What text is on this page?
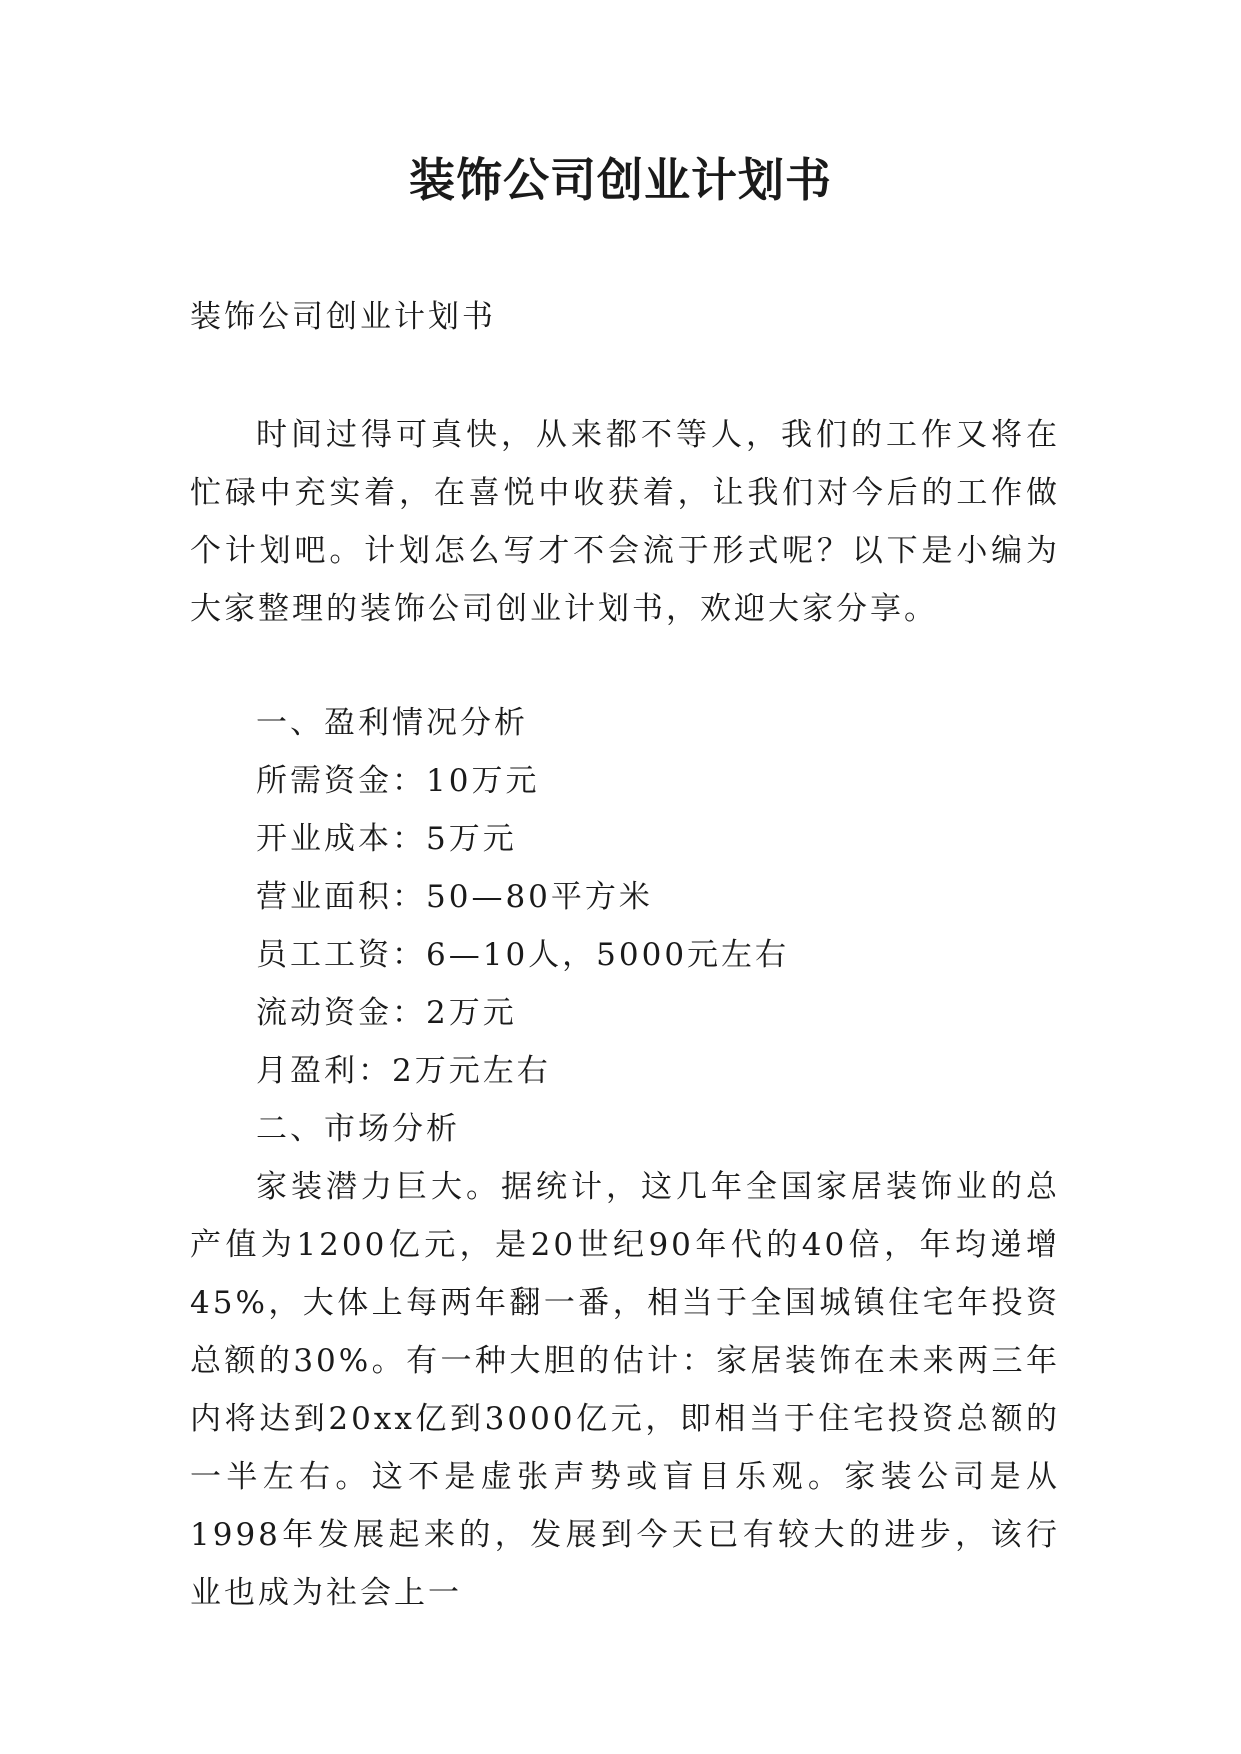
装饰公司创业计划书

装饰公司创业计划书

时间过得可真快，从来都不等人，我们的工作又将在忙碌中充实着，在喜悦中收获着，让我们对今后的工作做个计划吧。计划怎么写才不会流于形式呢？以下是小编为大家整理的装饰公司创业计划书，欢迎大家分享。

一、盈利情况分析

所需资金：10万元

开业成本：5万元

营业面积：50—80平方米

员工工资：6—10人，5000元左右

流动资金：2万元

月盈利：2万元左右

二、市场分析

家装潜力巨大。据统计，这几年全国家居装饰业的总产值为1200亿元，是20世纪90年代的40倍，年均递增45%，大体上每两年翻一番，相当于全国城镇住宅年投资总额的30%。有一种大胆的估计：家居装饰在未来两三年内将达到20xx亿到3000亿元，即相当于住宅投资总额的一半左右。这不是虚张声势或盲目乐观。家装公司是从1998年发展起来的，发展到今天已有较大的进步，该行业也成为社会上一
